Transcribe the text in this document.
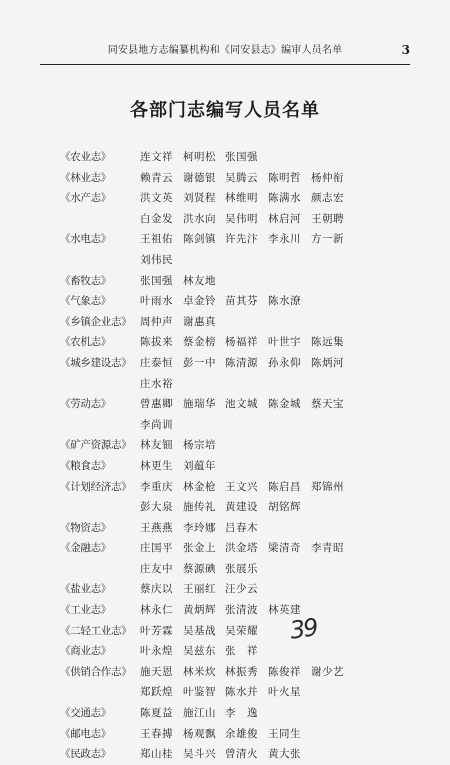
同安县地方志编纂机构和《同安县志》编审人员名单	3
各部门志编写人员名单
《农业志》	连文祥 柯明松 张国强
《林业志》	赖青云 谢德银 吴腾云 陈明哲 杨仲衔
《水产志》	洪文英 刘贤程 林维明 陈满水 颜志宏
白金发 洪水向 吴伟明 林启河 王朝聘
《水电志》	王祖佑 陈剑镇 许先汴 李永川 方一新
刘伟民
《畜牧志》	张国强 林友地
《气象志》	叶雨水 卓金铃 苗其芬 陈水潦
《乡镇企业志》 周仲声 谢惠真
《农机志》	陈拔来 蔡金榜 杨福祥 叶世宇 陈远集
《城乡建设志》 庄泰恒 彭一中 陈清源 孙永仰 陈炳河
庄水裕
《劳动志》	曾惠卿 施瑞华 池文城 陈金城 蔡天宝
李尚训
《矿产资源志》 林友钿 杨宗培
《粮食志》	林更生 刘蕴年
《计划经济志》 李重庆 林金枪 王文兴 陈启昌 郑锦州
彭大泉 施传礼 黄建设 胡铭辉
《物资志》	王燕燕 李玲娜 吕春木
《金融志》	庄国平 张金上 洪金塔 梁清奇 李青昭
庄友中 蔡源碘 张展乐
《盐业志》	蔡庆以 王丽红 汪少云
《工业志》	林永仁 黄炳辉 张清波 林英建
《二轻工业志》 叶芳霖 吴基战 吴荣耀
《商业志》	叶永煌 吴兹东 张　祥
《供销合作志》 施天恩 林米炊 林振秀 陈俊祥 谢少艺
郑跃煌 叶鉴智 陈水并 叶火星
《交通志》	陈夏益 施江山 李　逸
《邮电志》	王春搏 杨观飘 余雄俊 王同生
《民政志》	郑山桂 吴斗兴 曾清火 黄大张
39
